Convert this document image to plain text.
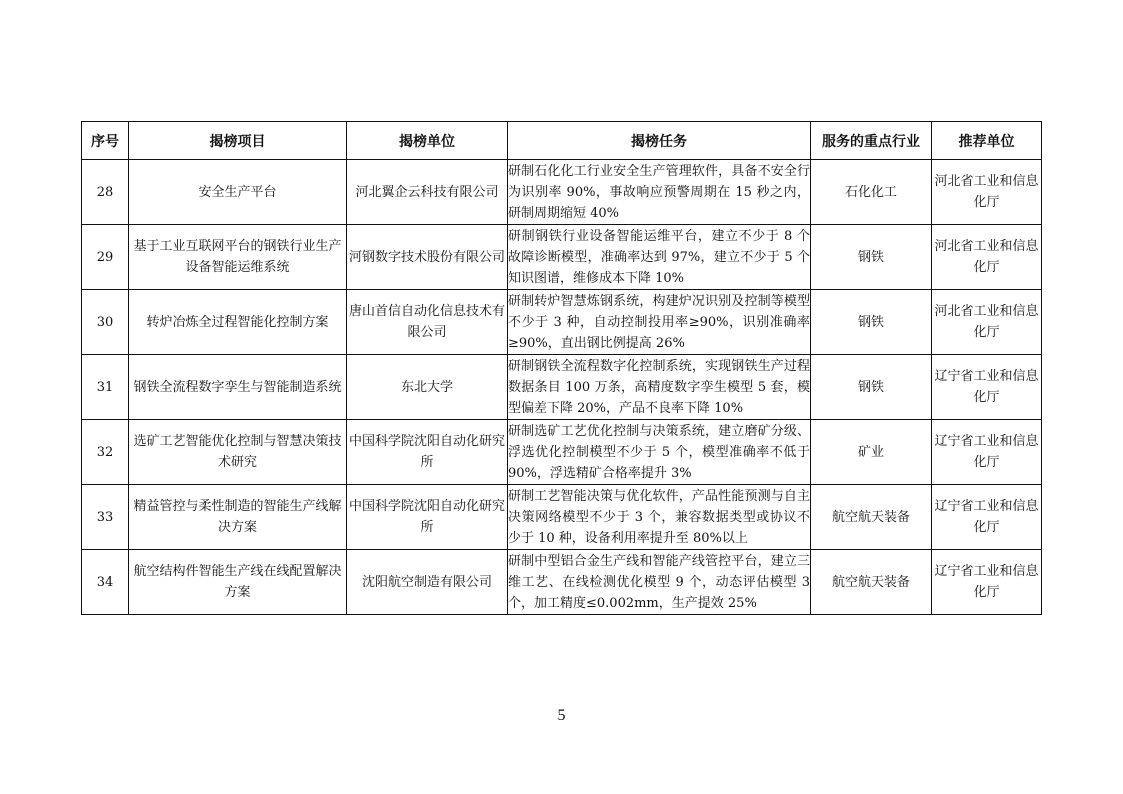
序号	揭榜项目	揭榜单位	揭榜任务	服务的重点行业	推荐单位
28	安全生产平台	河北翼企云科技有限公司	研制石化化工行业安全生产管理软件，具备不安全行为识别率 90%，事故响应预警周期在 15 秒之内，研制周期缩短 40%	石化化工	河北省工业和信息化厅
29	基于工业互联网平台的钢铁行业生产设备智能运维系统	河钢数字技术股份有限公司	研制钢铁行业设备智能运维平台，建立不少于 8 个故障诊断模型，准确率达到 97%，建立不少于 5 个知识图谱，维修成本下降 10%	钢铁	河北省工业和信息化厅
30	转炉冶炼全过程智能化控制方案	唐山首信自动化信息技术有限公司	研制转炉智慧炼钢系统，构建炉况识别及控制等模型不少于 3 种，自动控制投用率≥90%，识别准确率≥90%，直出钢比例提高 26%	钢铁	河北省工业和信息化厅
31	钢铁全流程数字孪生与智能制造系统	东北大学	研制钢铁全流程数字化控制系统，实现钢铁生产过程数据条目 100 万条，高精度数字孪生模型 5 套，模型偏差下降 20%，产品不良率下降 10%	钢铁	辽宁省工业和信息化厅
32	选矿工艺智能优化控制与智慧决策技术研究	中国科学院沈阳自动化研究所	研制选矿工艺优化控制与决策系统，建立磨矿分级、浮选优化控制模型不少于 5 个，模型准确率不低于 90%，浮选精矿合格率提升 3%	矿业	辽宁省工业和信息化厅
33	精益管控与柔性制造的智能生产线解决方案	中国科学院沈阳自动化研究所	研制工艺智能决策与优化软件，产品性能预测与自主决策网络模型不少于 3 个，兼容数据类型或协议不少于 10 种，设备利用率提升至 80%以上	航空航天装备	辽宁省工业和信息化厅
34	航空结构件智能生产线在线配置解决方案	沈阳航空制造有限公司	研制中型铝合金生产线和智能产线管控平台，建立三维工艺、在线检测优化模型 9 个，动态评估模型 3 个，加工精度≤0.002mm，生产提效 25%	航空航天装备	辽宁省工业和信息化厅
5
